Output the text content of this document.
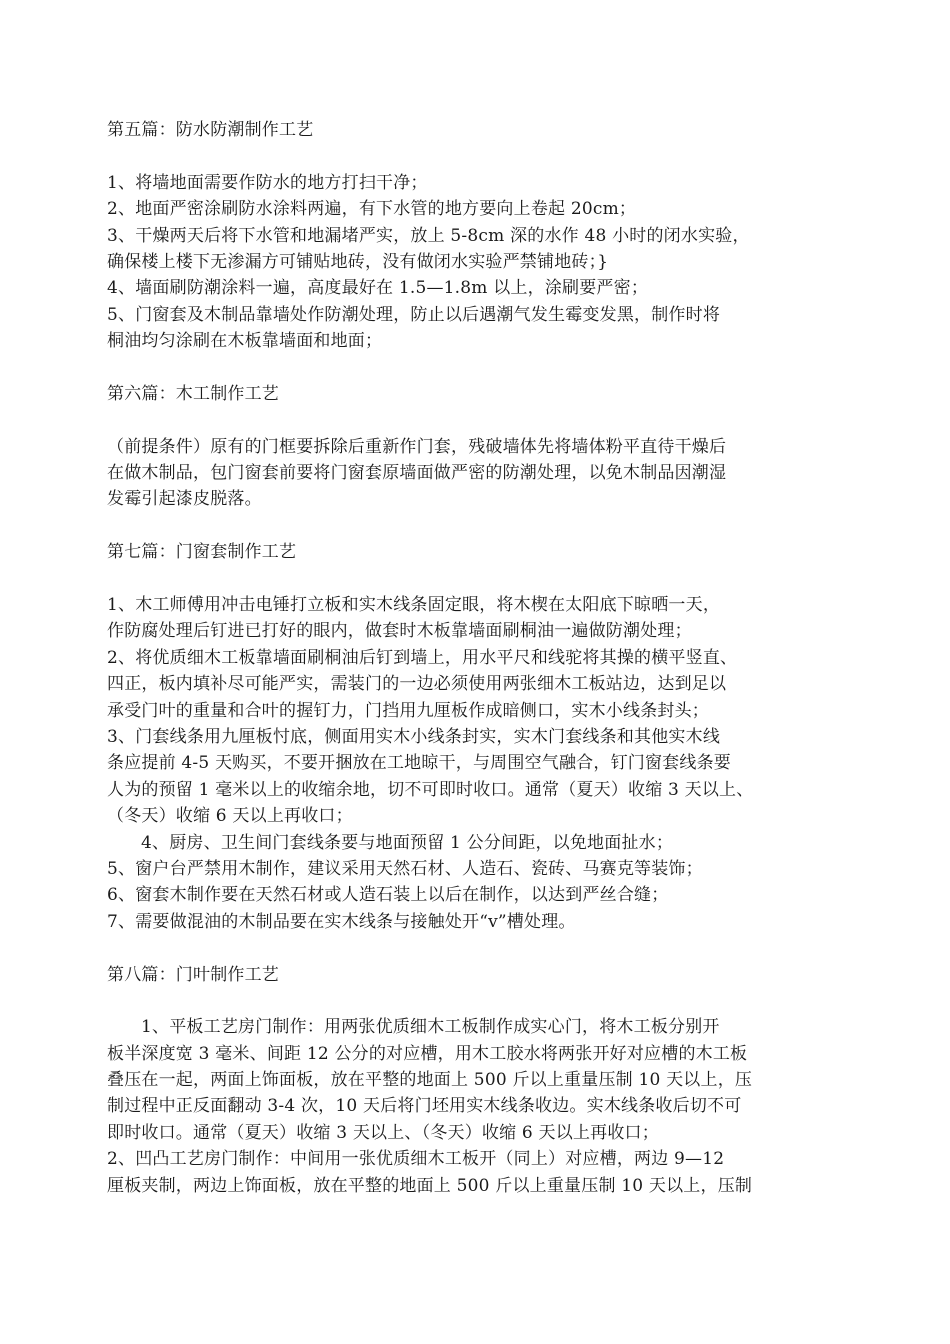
第五篇：防水防潮制作工艺
1、将墙地面需要作防水的地方打扫干净；
2、地面严密涂刷防水涂料两遍，有下水管的地方要向上卷起 20cm；
3、干燥两天后将下水管和地漏堵严实，放上 5-8cm 深的水作 48 小时的闭水实验，
确保楼上楼下无渗漏方可铺贴地砖，没有做闭水实验严禁铺地砖；}
4、墙面刷防潮涂料一遍，高度最好在 1.5—1.8m 以上，涂刷要严密；
5、门窗套及木制品靠墙处作防潮处理，防止以后遇潮气发生霉变发黑，制作时将
桐油均匀涂刷在木板靠墙面和地面；
第六篇：木工制作工艺
（前提条件）原有的门框要拆除后重新作门套，残破墙体先将墙体粉平直待干燥后
在做木制品，包门窗套前要将门窗套原墙面做严密的防潮处理，以免木制品因潮湿
发霉引起漆皮脱落。
第七篇：门窗套制作工艺
1、木工师傅用冲击电锤打立板和实木线条固定眼，将木楔在太阳底下晾晒一天，
作防腐处理后钉进已打好的眼内，做套时木板靠墙面刷桐油一遍做防潮处理；
2、将优质细木工板靠墙面刷桐油后钉到墙上，用水平尺和线驼将其操的横平竖直、
四正，板内填补尽可能严实，需装门的一边必须使用两张细木工板站边，达到足以
承受门叶的重量和合叶的握钉力，门挡用九厘板作成暗侧口，实木小线条封头；
3、门套线条用九厘板忖底，侧面用实木小线条封实，实木门套线条和其他实木线
条应提前 4-5 天购买，不要开捆放在工地晾干，与周围空气融合，钉门窗套线条要
人为的预留 1 毫米以上的收缩余地，切不可即时收口。通常（夏天）收缩 3 天以上、
（冬天）收缩 6 天以上再收口；
4、厨房、卫生间门套线条要与地面预留 1 公分间距，以免地面扯水；
5、窗户台严禁用木制作，建议采用天然石材、人造石、瓷砖、马赛克等装饰；
6、窗套木制作要在天然石材或人造石装上以后在制作，以达到严丝合缝；
7、需要做混油的木制品要在实木线条与接触处开“v”槽处理。
第八篇：门叶制作工艺
1、平板工艺房门制作：用两张优质细木工板制作成实心门，将木工板分别开
板半深度宽 3 毫米、间距 12 公分的对应槽，用木工胶水将两张开好对应槽的木工板
叠压在一起，两面上饰面板，放在平整的地面上 500 斤以上重量压制 10 天以上，压
制过程中正反面翻动 3-4 次，10 天后将门坯用实木线条收边。实木线条收后切不可
即时收口。通常（夏天）收缩 3 天以上、（冬天）收缩 6 天以上再收口；
2、凹凸工艺房门制作：中间用一张优质细木工板开（同上）对应槽，两边 9—12
厘板夹制，两边上饰面板，放在平整的地面上 500 斤以上重量压制 10 天以上，压制
